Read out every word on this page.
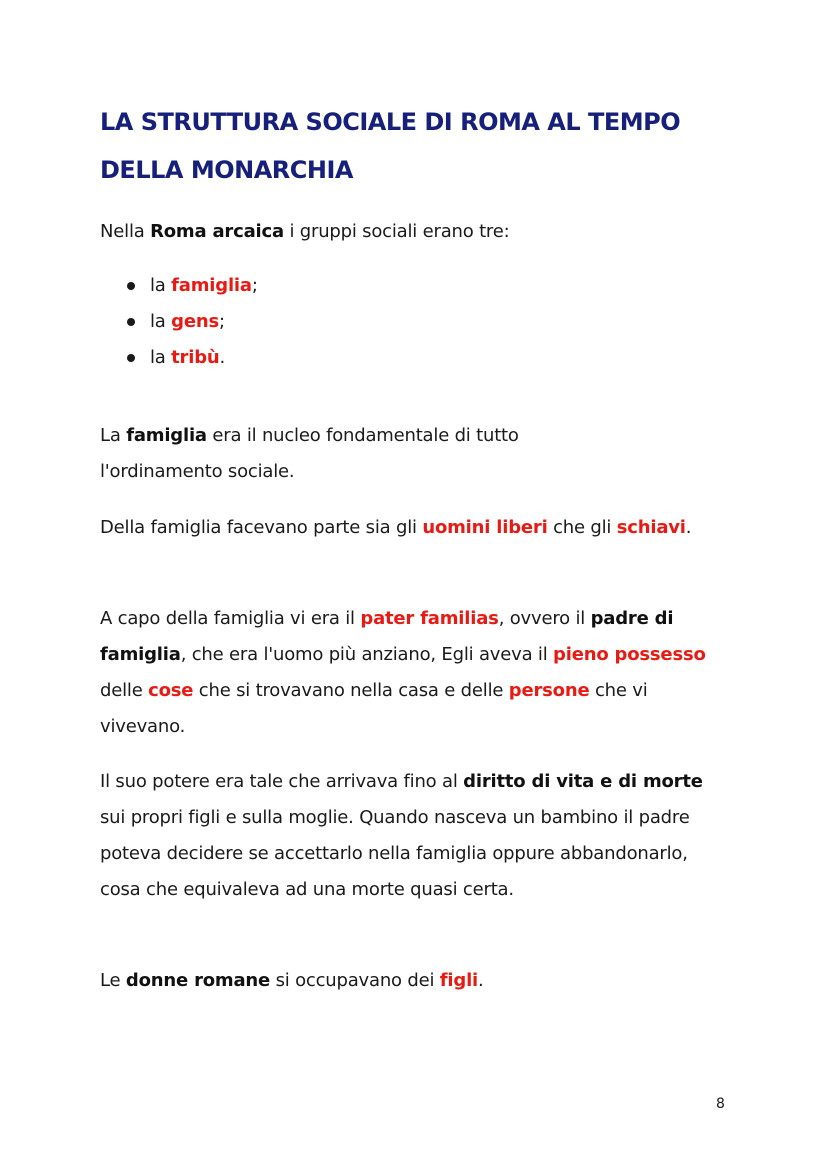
LA STRUTTURA SOCIALE DI ROMA AL TEMPO DELLA MONARCHIA

Nella Roma arcaica i gruppi sociali erano tre:

la famiglia;
la gens;
la tribù.

La famiglia era il nucleo fondamentale di tutto l'ordinamento sociale.

Della famiglia facevano parte sia gli uomini liberi che gli schiavi.

A capo della famiglia vi era il pater familias, ovvero il padre di famiglia, che era l'uomo più anziano, Egli aveva il pieno possesso delle cose che si trovavano nella casa e delle persone che vi vivevano.

Il suo potere era tale che arrivava fino al diritto di vita e di morte sui propri figli e sulla moglie. Quando nasceva un bambino il padre poteva decidere se accettarlo nella famiglia oppure abbandonarlo, cosa che equivaleva ad una morte quasi certa.

Le donne romane si occupavano dei figli.

8
